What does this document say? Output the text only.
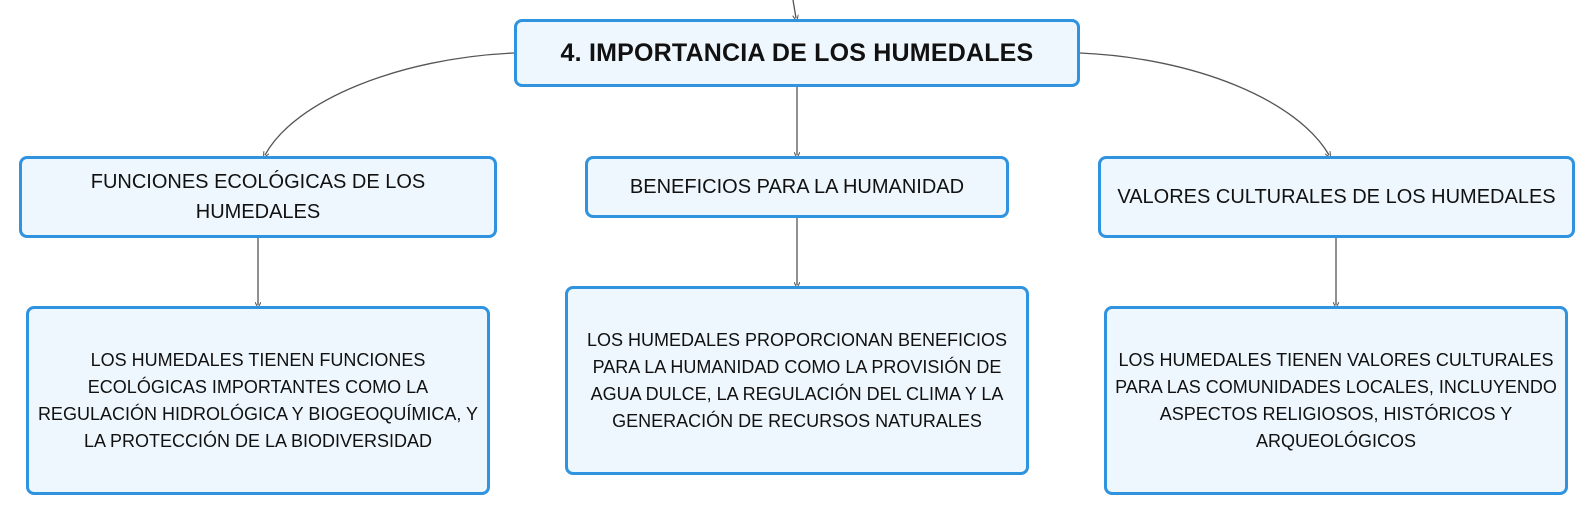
4. IMPORTANCIA DE LOS HUMEDALES
FUNCIONES ECOLÓGICAS DE LOS HUMEDALES
BENEFICIOS PARA LA HUMANIDAD	VALORES CULTURALES DE LOS HUMEDALES
LOS HUMEDALES TIENEN FUNCIONES ECOLÓGICAS IMPORTANTES COMO LA REGULACIÓN HIDROLÓGICA Y BIOGEOQUÍMICA, Y LA PROTECCIÓN DE LA BIODIVERSIDAD
LOS HUMEDALES PROPORCIONAN BENEFICIOS PARA LA HUMANIDAD COMO LA PROVISIÓN DE AGUA DULCE, LA REGULACIÓN DEL CLIMA Y LA GENERACIÓN DE RECURSOS NATURALES
LOS HUMEDALES TIENEN VALORES CULTURALES PARA LAS COMUNIDADES LOCALES, INCLUYENDO ASPECTOS RELIGIOSOS, HISTÓRICOS Y ARQUEOLÓGICOS
